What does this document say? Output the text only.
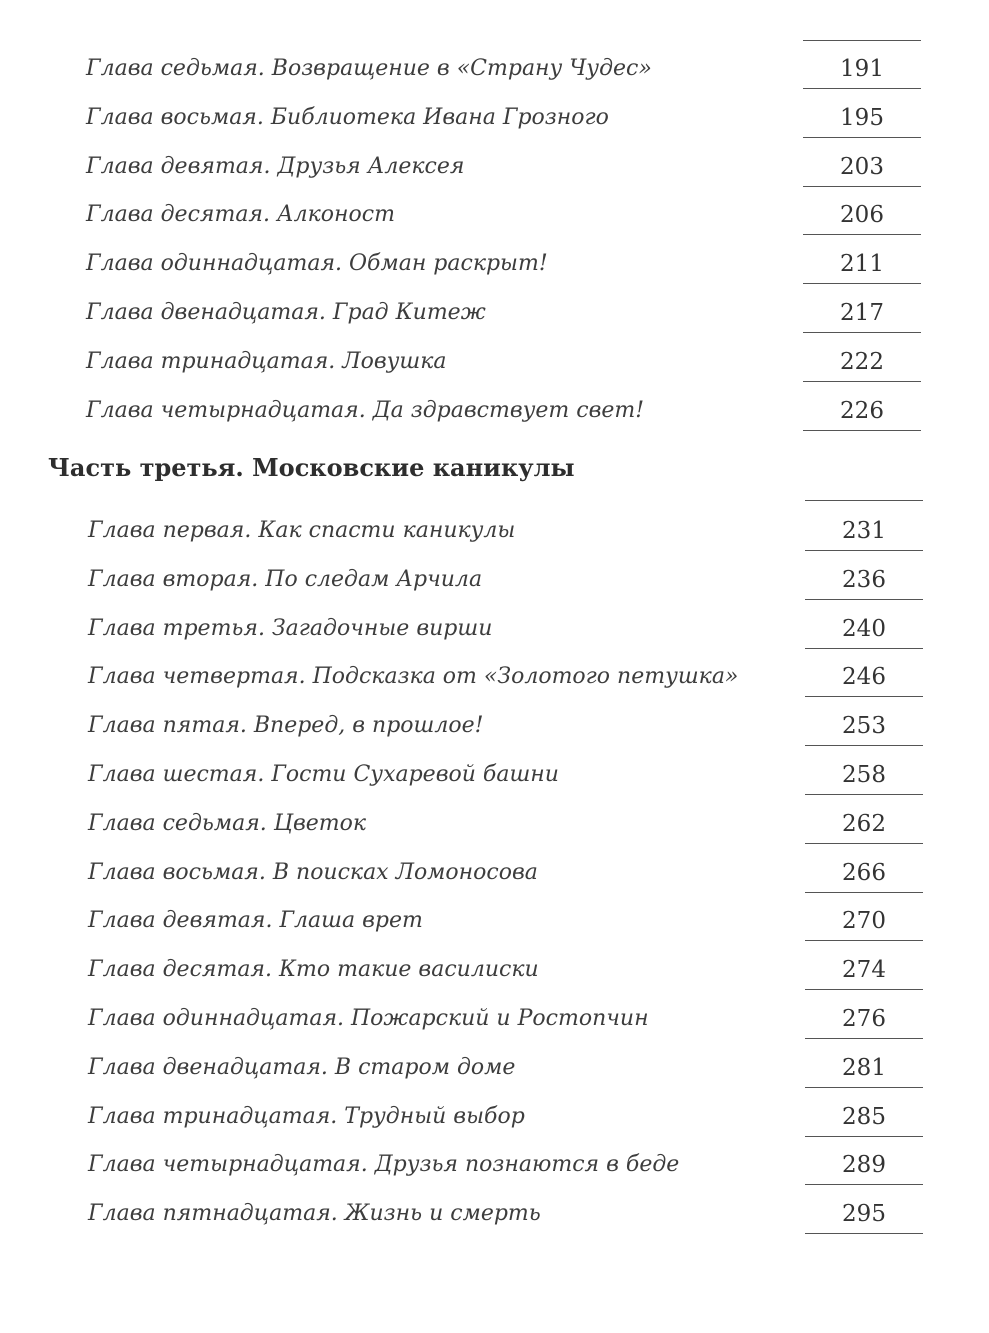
Глава седьмая. Возвращение в «Страну Чудес»	191
Глава восьмая. Библиотека Ивана Грозного	195
Глава девятая. Друзья Алексея	203
Глава десятая. Алконост	206
Глава одиннадцатая. Обман раскрыт!	211
Глава двенадцатая. Град Китеж	217
Глава тринадцатая. Ловушка	222
Глава четырнадцатая. Да здравствует свет!	226
Часть третья. Московские каникулы
Глава первая. Как спасти каникулы	231
Глава вторая. По следам Арчила	236
Глава третья. Загадочные вирши	240
Глава четвертая. Подсказка от «Золотого петушка»	246
Глава пятая. Вперед, в прошлое!	253
Глава шестая. Гости Сухаревой башни	258
Глава седьмая. Цветок	262
Глава восьмая. В поисках Ломоносова	266
Глава девятая. Глаша врет	270
Глава десятая. Кто такие василиски	274
Глава одиннадцатая. Пожарский и Ростопчин	276
Глава двенадцатая. В старом доме	281
Глава тринадцатая. Трудный выбор	285
Глава четырнадцатая. Друзья познаются в беде	289
Глава пятнадцатая. Жизнь и смерть	295
